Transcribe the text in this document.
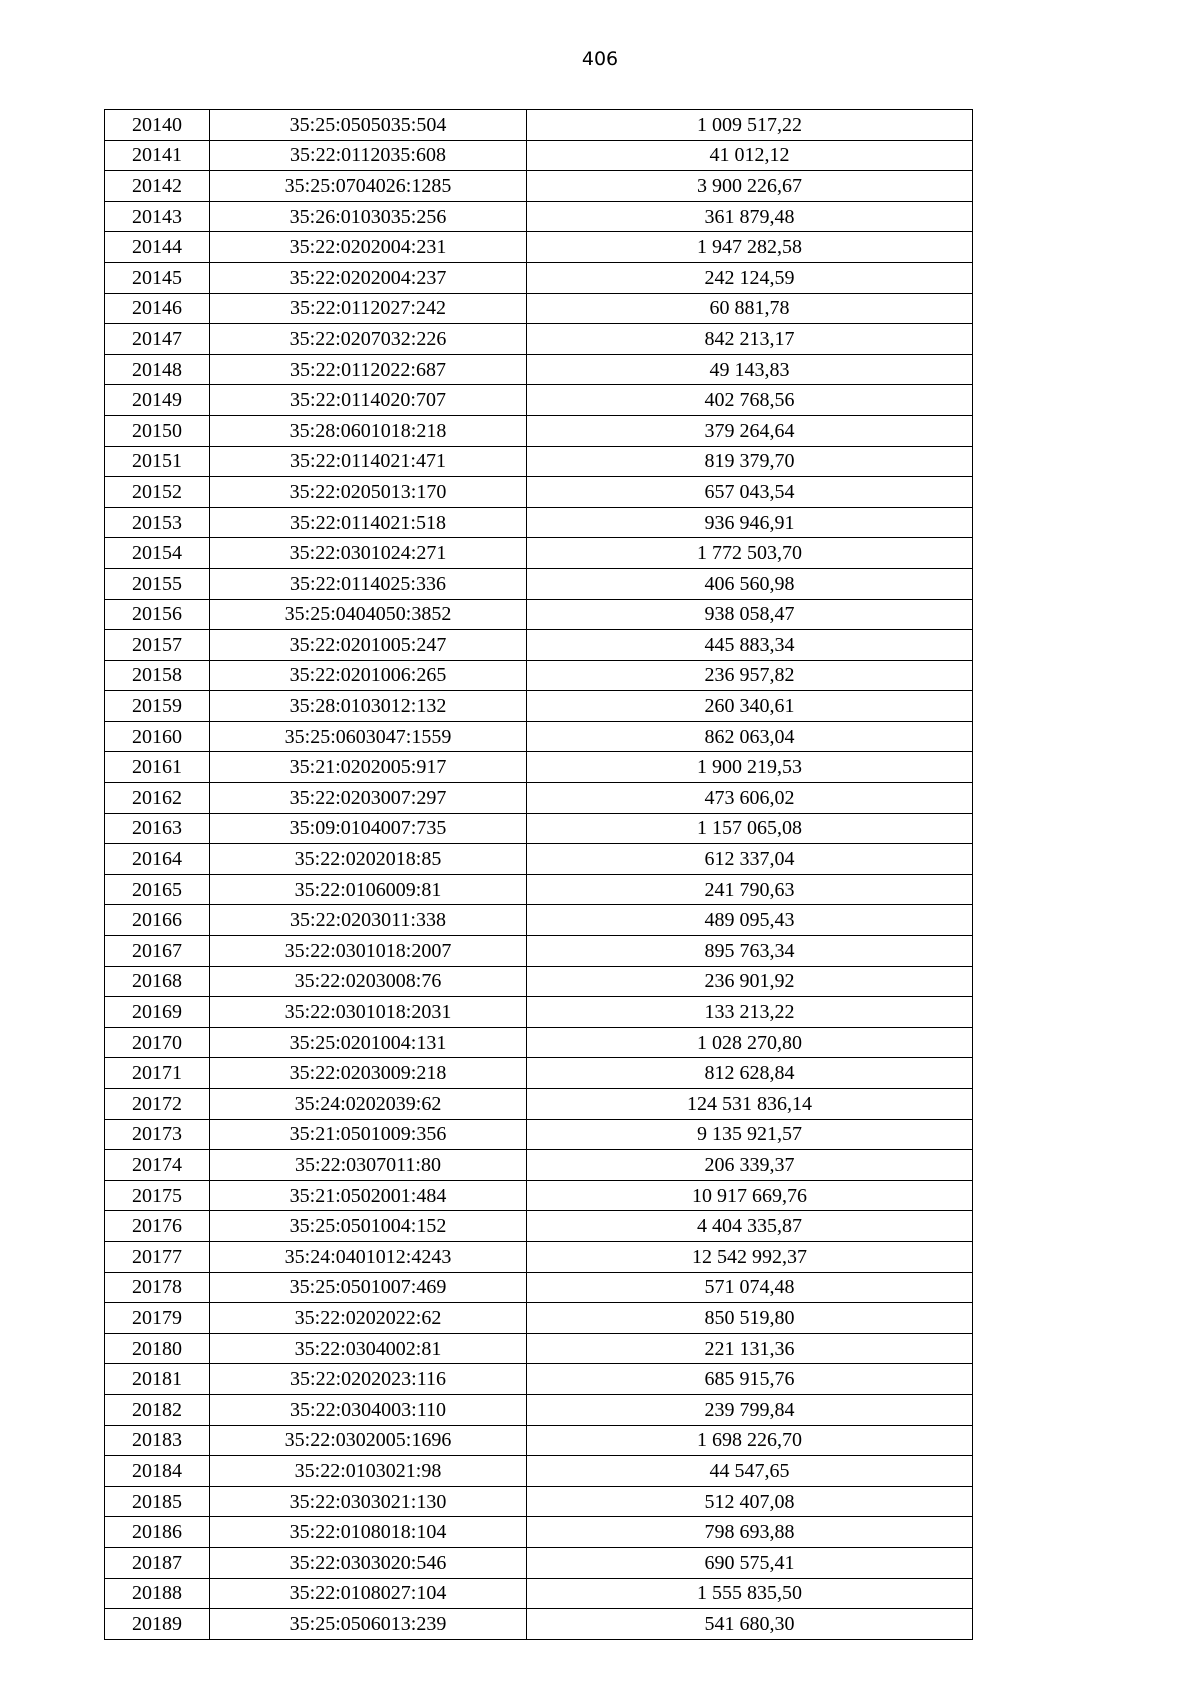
406
20140	35:25:0505035:504	1 009 517,22
20141	35:22:0112035:608	41 012,12
20142	35:25:0704026:1285	3 900 226,67
20143	35:26:0103035:256	361 879,48
20144	35:22:0202004:231	1 947 282,58
20145	35:22:0202004:237	242 124,59
20146	35:22:0112027:242	60 881,78
20147	35:22:0207032:226	842 213,17
20148	35:22:0112022:687	49 143,83
20149	35:22:0114020:707	402 768,56
20150	35:28:0601018:218	379 264,64
20151	35:22:0114021:471	819 379,70
20152	35:22:0205013:170	657 043,54
20153	35:22:0114021:518	936 946,91
20154	35:22:0301024:271	1 772 503,70
20155	35:22:0114025:336	406 560,98
20156	35:25:0404050:3852	938 058,47
20157	35:22:0201005:247	445 883,34
20158	35:22:0201006:265	236 957,82
20159	35:28:0103012:132	260 340,61
20160	35:25:0603047:1559	862 063,04
20161	35:21:0202005:917	1 900 219,53
20162	35:22:0203007:297	473 606,02
20163	35:09:0104007:735	1 157 065,08
20164	35:22:0202018:85	612 337,04
20165	35:22:0106009:81	241 790,63
20166	35:22:0203011:338	489 095,43
20167	35:22:0301018:2007	895 763,34
20168	35:22:0203008:76	236 901,92
20169	35:22:0301018:2031	133 213,22
20170	35:25:0201004:131	1 028 270,80
20171	35:22:0203009:218	812 628,84
20172	35:24:0202039:62	124 531 836,14
20173	35:21:0501009:356	9 135 921,57
20174	35:22:0307011:80	206 339,37
20175	35:21:0502001:484	10 917 669,76
20176	35:25:0501004:152	4 404 335,87
20177	35:24:0401012:4243	12 542 992,37
20178	35:25:0501007:469	571 074,48
20179	35:22:0202022:62	850 519,80
20180	35:22:0304002:81	221 131,36
20181	35:22:0202023:116	685 915,76
20182	35:22:0304003:110	239 799,84
20183	35:22:0302005:1696	1 698 226,70
20184	35:22:0103021:98	44 547,65
20185	35:22:0303021:130	512 407,08
20186	35:22:0108018:104	798 693,88
20187	35:22:0303020:546	690 575,41
20188	35:22:0108027:104	1 555 835,50
20189	35:25:0506013:239	541 680,30
